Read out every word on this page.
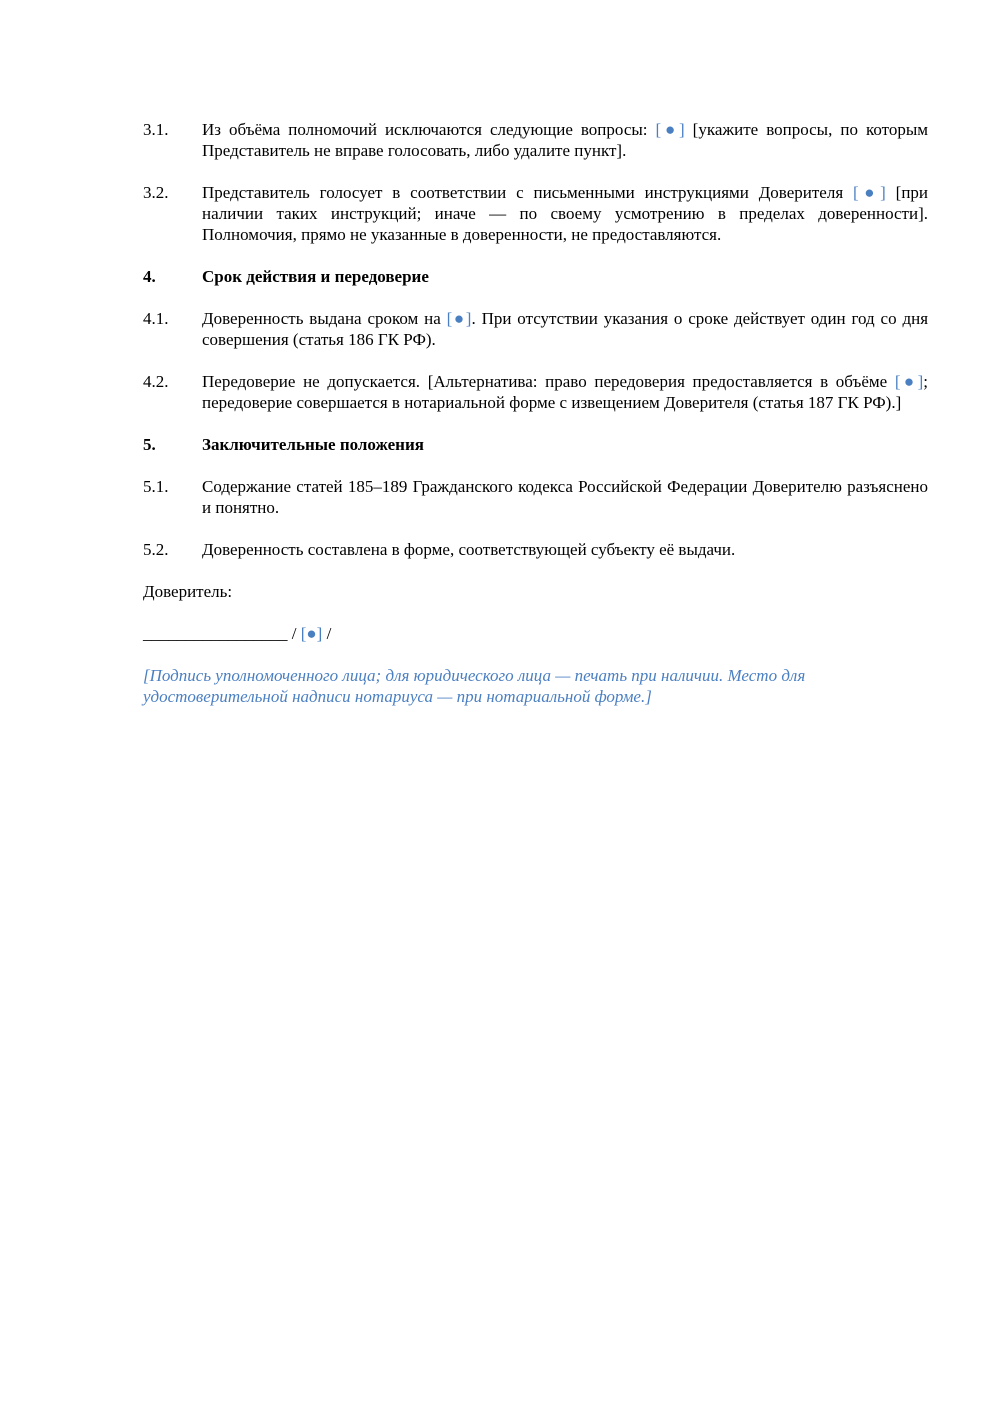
3.1.	Из объёма полномочий исключаются следующие вопросы: [●] [укажите вопросы, по которым Представитель не вправе голосовать, либо удалите пункт].
3.2.	Представитель голосует в соответствии с письменными инструкциями Доверителя [●] [при наличии таких инструкций; иначе — по своему усмотрению в пределах доверенности]. Полномочия, прямо не указанные в доверенности, не предоставляются.
4.	Срок действия и передоверие
4.1.	Доверенность выдана сроком на [●]. При отсутствии указания о сроке действует один год со дня совершения (статья 186 ГК РФ).
4.2.	Передоверие не допускается. [Альтернатива: право передоверия предоставляется в объёме [●]; передоверие совершается в нотариальной форме с извещением Доверителя (статья 187 ГК РФ).]
5.	Заключительные положения
5.1.	Содержание статей 185–189 Гражданского кодекса Российской Федерации Доверителю разъяснено и понятно.
5.2.	Доверенность составлена в форме, соответствующей субъекту её выдачи.
Доверитель:
_________________ / [●] /
[Подпись уполномоченного лица; для юридического лица — печать при наличии. Место для удостоверительной надписи нотариуса — при нотариальной форме.]
